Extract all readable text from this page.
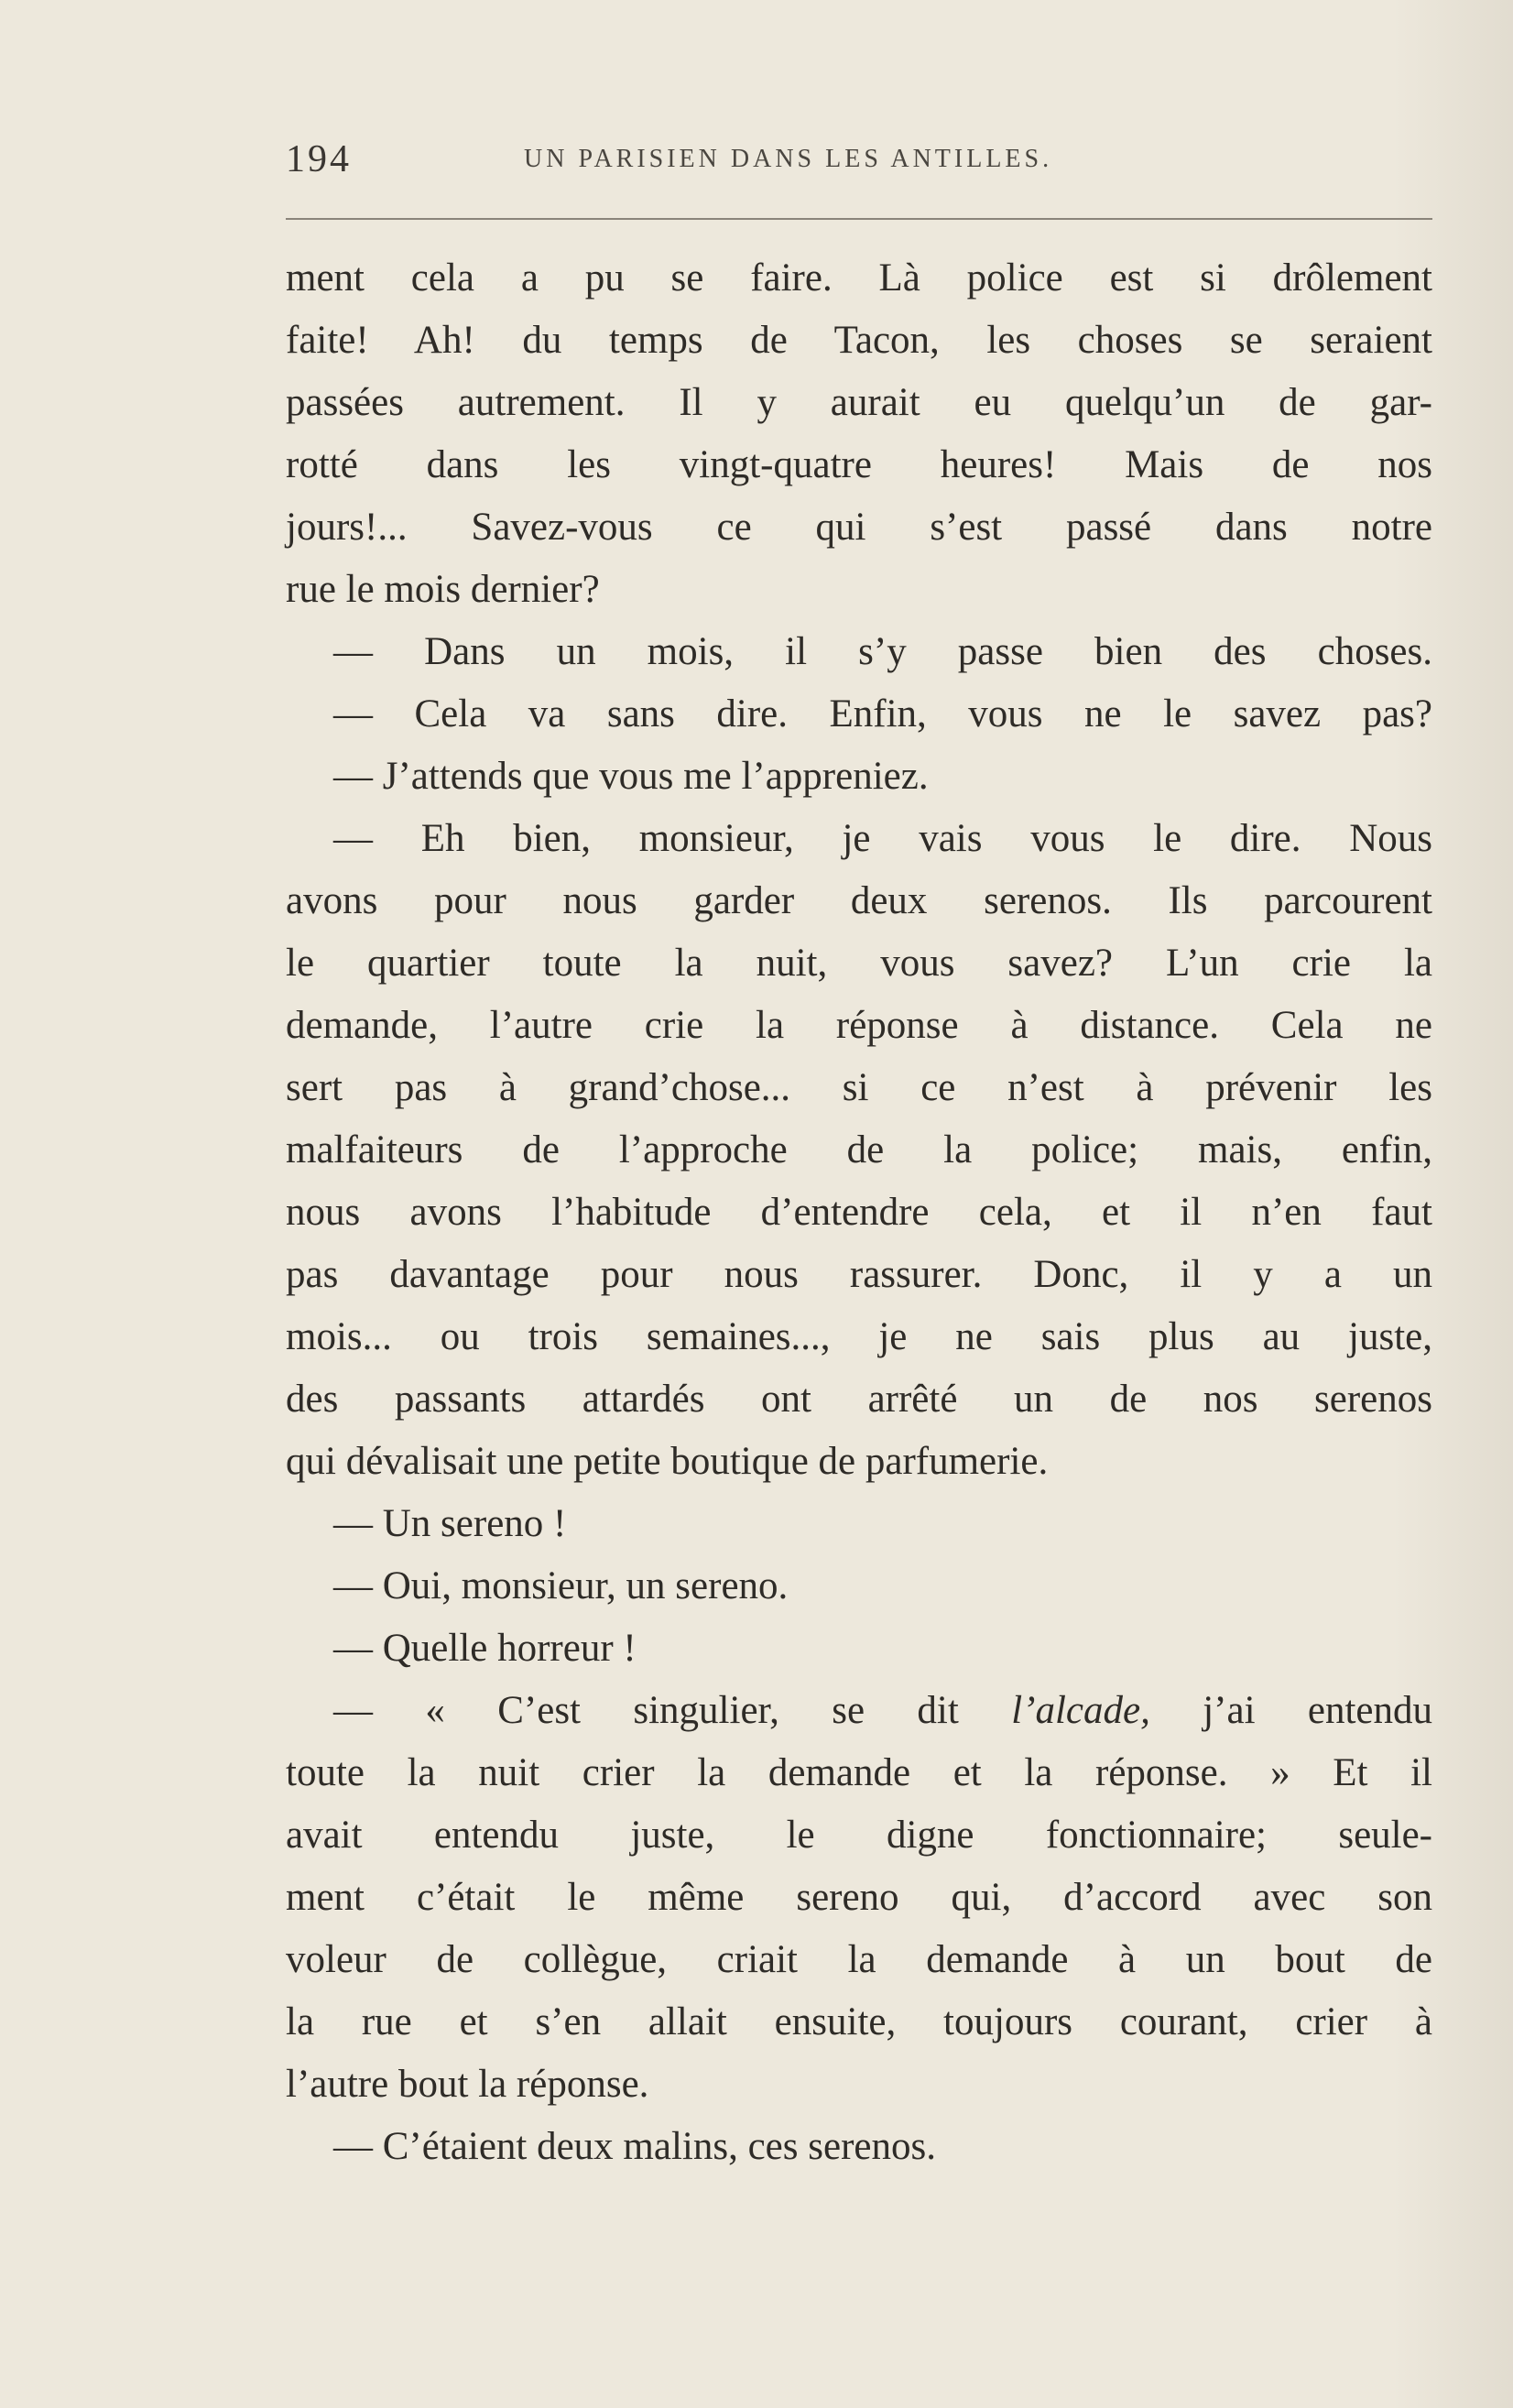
194	UN PARISIEN DANS LES ANTILLES.
ment cela a pu se faire. Là police est si drôlement
faite! Ah! du temps de Tacon, les choses se seraient
passées autrement. Il y aurait eu quelqu’un de gar-
rotté dans les vingt-quatre heures! Mais de nos
jours!... Savez-vous ce qui s’est passé dans notre
rue le mois dernier?
— Dans un mois, il s’y passe bien des choses.
— Cela va sans dire. Enfin, vous ne le savez pas?
— J’attends que vous me l’appreniez.
— Eh bien, monsieur, je vais vous le dire. Nous
avons pour nous garder deux serenos. Ils parcourent
le quartier toute la nuit, vous savez? L’un crie la
demande, l’autre crie la réponse à distance. Cela ne
sert pas à grand’chose... si ce n’est à prévenir les
malfaiteurs de l’approche de la police; mais, enfin,
nous avons l’habitude d’entendre cela, et il n’en faut
pas davantage pour nous rassurer. Donc, il y a un
mois... ou trois semaines..., je ne sais plus au juste,
des passants attardés ont arrêté un de nos serenos
qui dévalisait une petite boutique de parfumerie.
— Un sereno !
— Oui, monsieur, un sereno.
— Quelle horreur !
— « C’est singulier, se dit l’alcade, j’ai entendu
toute la nuit crier la demande et la réponse. » Et il
avait entendu juste, le digne fonctionnaire; seule-
ment c’était le même sereno qui, d’accord avec son
voleur de collègue, criait la demande à un bout de
la rue et s’en allait ensuite, toujours courant, crier à
l’autre bout la réponse.
— C’étaient deux malins, ces serenos.
